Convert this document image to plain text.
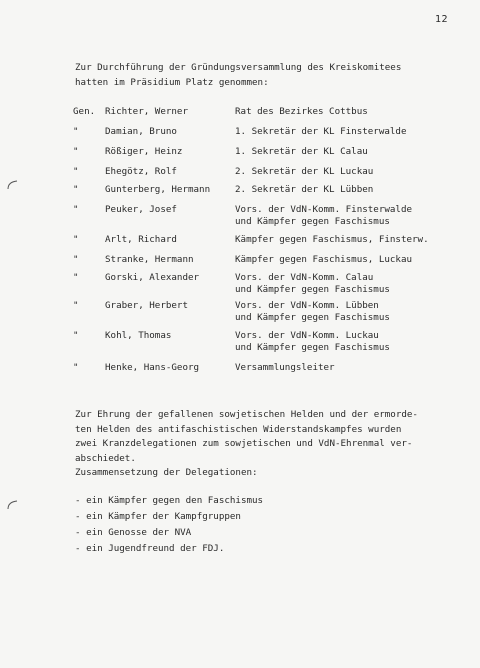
12
Zur Durchführung der Gründungsversammlung des Kreiskomitees
hatten im Präsidium Platz genommen:
Gen.	Richter, Werner	Rat des Bezirkes Cottbus
"	Damian, Bruno	1. Sekretär der KL Finsterwalde
"	Rößiger, Heinz	1. Sekretär der KL Calau
"	Ehegötz, Rolf	2. Sekretär der KL Luckau
"	Gunterberg, Hermann	2. Sekretär der KL Lübben
"	Peuker, Josef	Vors. der VdN-Komm. Finsterwalde
und Kämpfer gegen Faschismus
"	Arlt, Richard	Kämpfer gegen Faschismus, Finsterw.
"	Stranke, Hermann	Kämpfer gegen Faschismus, Luckau
"	Gorski, Alexander	Vors. der VdN-Komm. Calau
und Kämpfer gegen Faschismus
"	Graber, Herbert	Vors. der VdN-Komm. Lübben
und Kämpfer gegen Faschismus
"	Kohl, Thomas	Vors. der VdN-Komm. Luckau
und Kämpfer gegen Faschismus
"	Henke, Hans-Georg	Versammlungsleiter

Zur Ehrung der gefallenen sowjetischen Helden und der ermorde-
ten Helden des antifaschistischen Widerstandskampfes wurden
zwei Kranzdelegationen zum sowjetischen und VdN-Ehrenmal ver-
abschiedet.

Zusammensetzung der Delegationen:

- ein Kämpfer gegen den Faschismus
- ein Kämpfer der Kampfgruppen
- ein Genosse der NVA
- ein Jugendfreund der FDJ.
